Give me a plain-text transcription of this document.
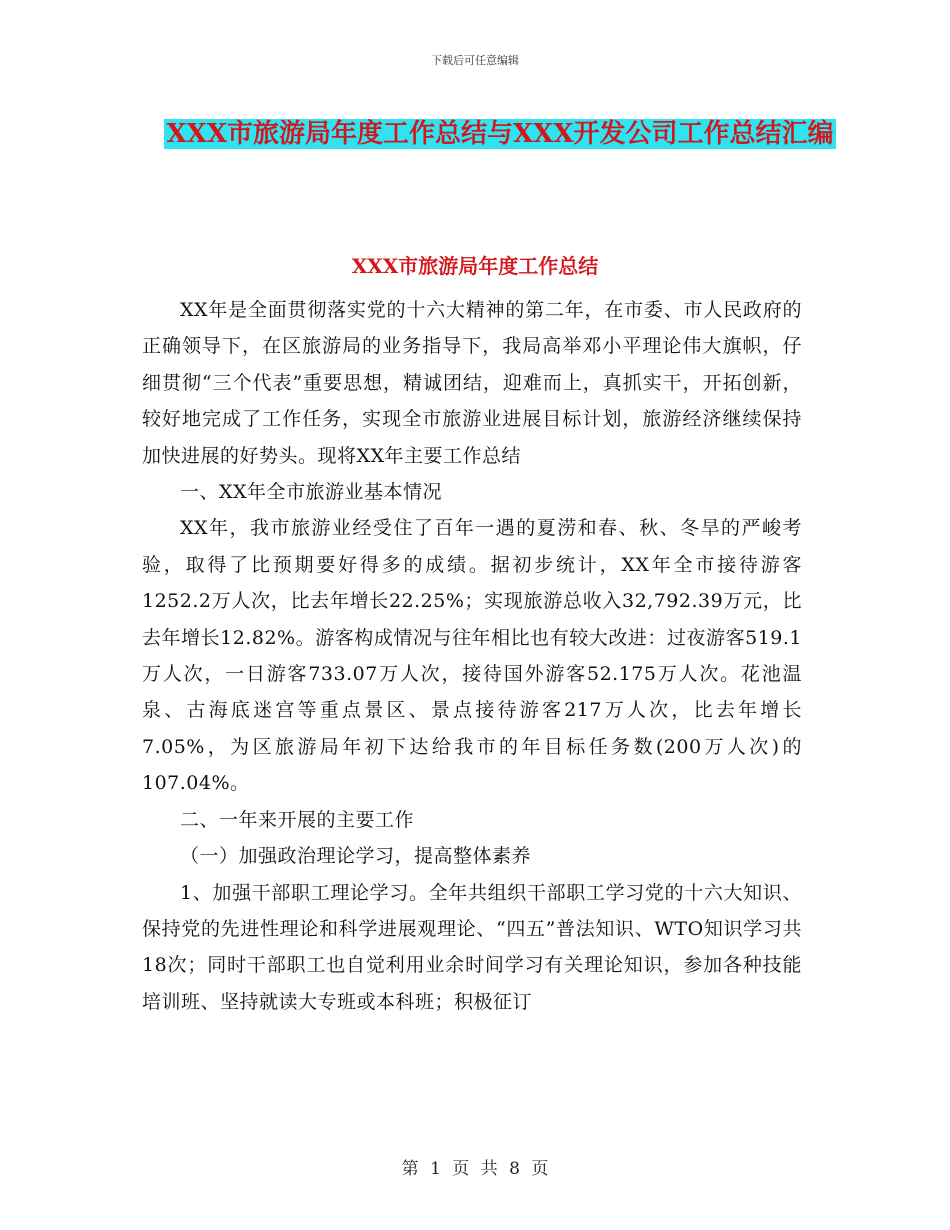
下载后可任意编辑
XXX市旅游局年度工作总结与XXX开发公司工作总结汇编
XXX市旅游局年度工作总结

XX年是全面贯彻落实党的十六大精神的第二年，在市委、市人民政府的正确领导下，在区旅游局的业务指导下，我局高举邓小平理论伟大旗帜，仔细贯彻“三个代表”重要思想，精诚团结，迎难而上，真抓实干，开拓创新，较好地完成了工作任务，实现全市旅游业进展目标计划，旅游经济继续保持加快进展的好势头。现将XX年主要工作总结

一、XX年全市旅游业基本情况

XX年，我市旅游业经受住了百年一遇的夏涝和春、秋、冬旱的严峻考验，取得了比预期要好得多的成绩。据初步统计，XX年全市接待游客1252.2万人次，比去年增长22.25%；实现旅游总收入32,792.39万元，比去年增长12.82%。游客构成情况与往年相比也有较大改进：过夜游客519.1万人次，一日游客733.07万人次，接待国外游客52.175万人次。花池温泉、古海底迷宫等重点景区、景点接待游客217万人次，比去年增长7.05%，为区旅游局年初下达给我市的年目标任务数(200万人次)的107.04%。

二、一年来开展的主要工作

（一）加强政治理论学习，提高整体素养

1、加强干部职工理论学习。全年共组织干部职工学习党的十六大知识、保持党的先进性理论和科学进展观理论、“四五”普法知识、WTO知识学习共18次；同时干部职工也自觉利用业余时间学习有关理论知识，参加各种技能培训班、坚持就读大专班或本科班；积极征订

第 1 页 共 8 页
